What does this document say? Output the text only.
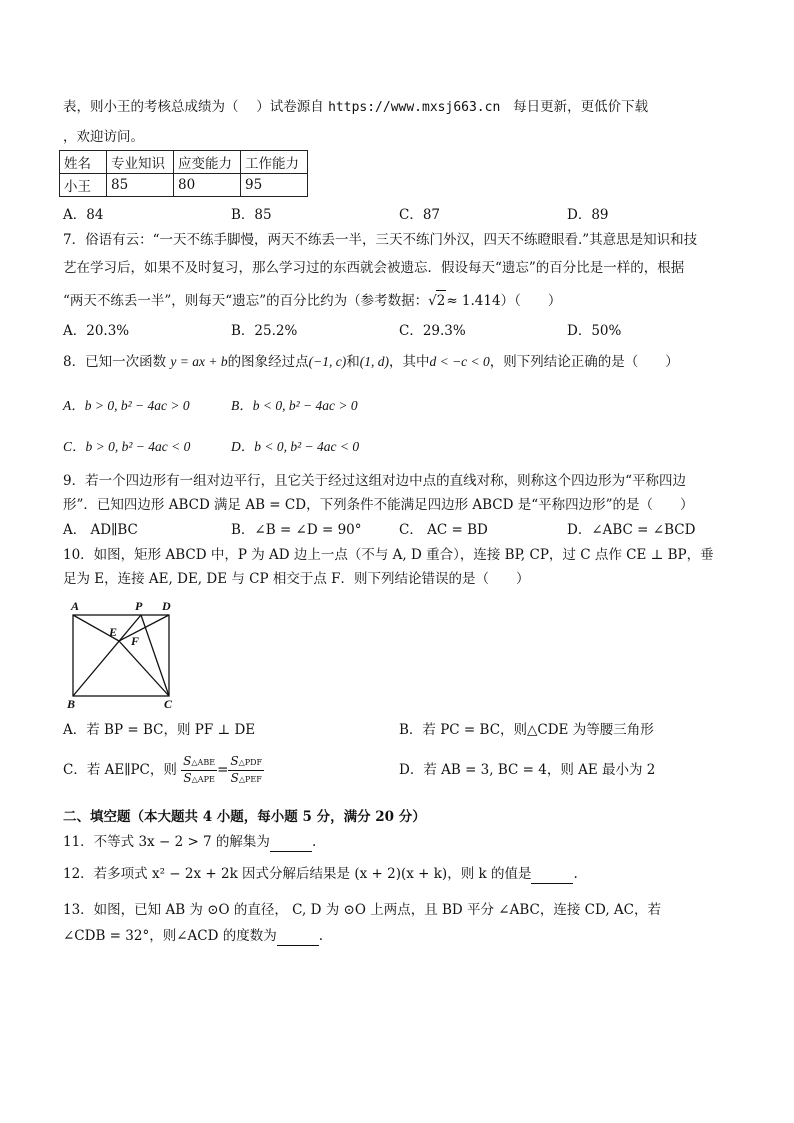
表，则小王的考核总成绩为（　 ）试卷源自 https://www.mxsj663.cn 每日更新，更低价下载
，欢迎访问。
姓名	专业知识	应变能力	工作能力
小王	85	80	95
A．84	B．85	C．87	D．89
7．俗语有云：“一天不练手脚慢，两天不练丢一半，三天不练门外汉，四天不练瞪眼看.”其意思是知识和技
艺在学习后，如果不及时复习，那么学习过的东西就会被遗忘．假设每天“遗忘”的百分比是一样的，根据
“两天不练丢一半”，则每天“遗忘”的百分比约为（参考数据：√2≈ 1.414）（　　）
A．20.3%	B．25.2%	C．29.3%	D．50%
8．已知一次函数 y = ax + b的图象经过点(−1, c)和(1, d)，其中d < −c < 0，则下列结论正确的是（　　）
A．b > 0, b² − 4ac > 0	B．b < 0, b² − 4ac > 0
C．b > 0, b² − 4ac < 0	D．b < 0, b² − 4ac < 0
9．若一个四边形有一组对边平行，且它关于经过这组对边中点的直线对称，则称这个四边形为“平称四边
形”．已知四边形 ABCD 满足 AB = CD，下列条件不能满足四边形 ABCD 是“平称四边形”的是（　　）
A． AD∥BC	B．∠B = ∠D = 90°	C． AC = BD	D．∠ABC = ∠BCD
10．如图，矩形 ABCD 中，P 为 AD 边上一点（不与 A, D 重合），连接 BP, CP，过 C 点作 CE ⊥ BP，垂
足为 E，连接 AE, DE, DE 与 CP 相交于点 F．则下列结论错误的是（　　）
A	P D
E
F
B	C
A．若 BP = BC，则 PF ⊥ DE	B．若 PC = BC，则△CDE 为等腰三角形
C．若 AE∥PC，则 $\frac{\text{S△ABE}}{\text{S△APE}} = \frac{\text{S△PDF}}{\text{S△PEF}}$	D．若 AB = 3, BC = 4，则 AE 最小为 2
二、填空题（本大题共 4 小题，每小题 5 分，满分 20 分）
11．不等式 3x − 2 > 7 的解集为	.
12．若多项式 x² − 2x + 2k 因式分解后结果是 (x + 2)(x + k)，则 k 的值是	.
13．如图，已知 AB 为 ⊙O 的直径， C, D 为 ⊙O 上两点，且 BD 平分 ∠ABC，连接 CD, AC，若
∠CDB = 32°，则∠ACD 的度数为	.
